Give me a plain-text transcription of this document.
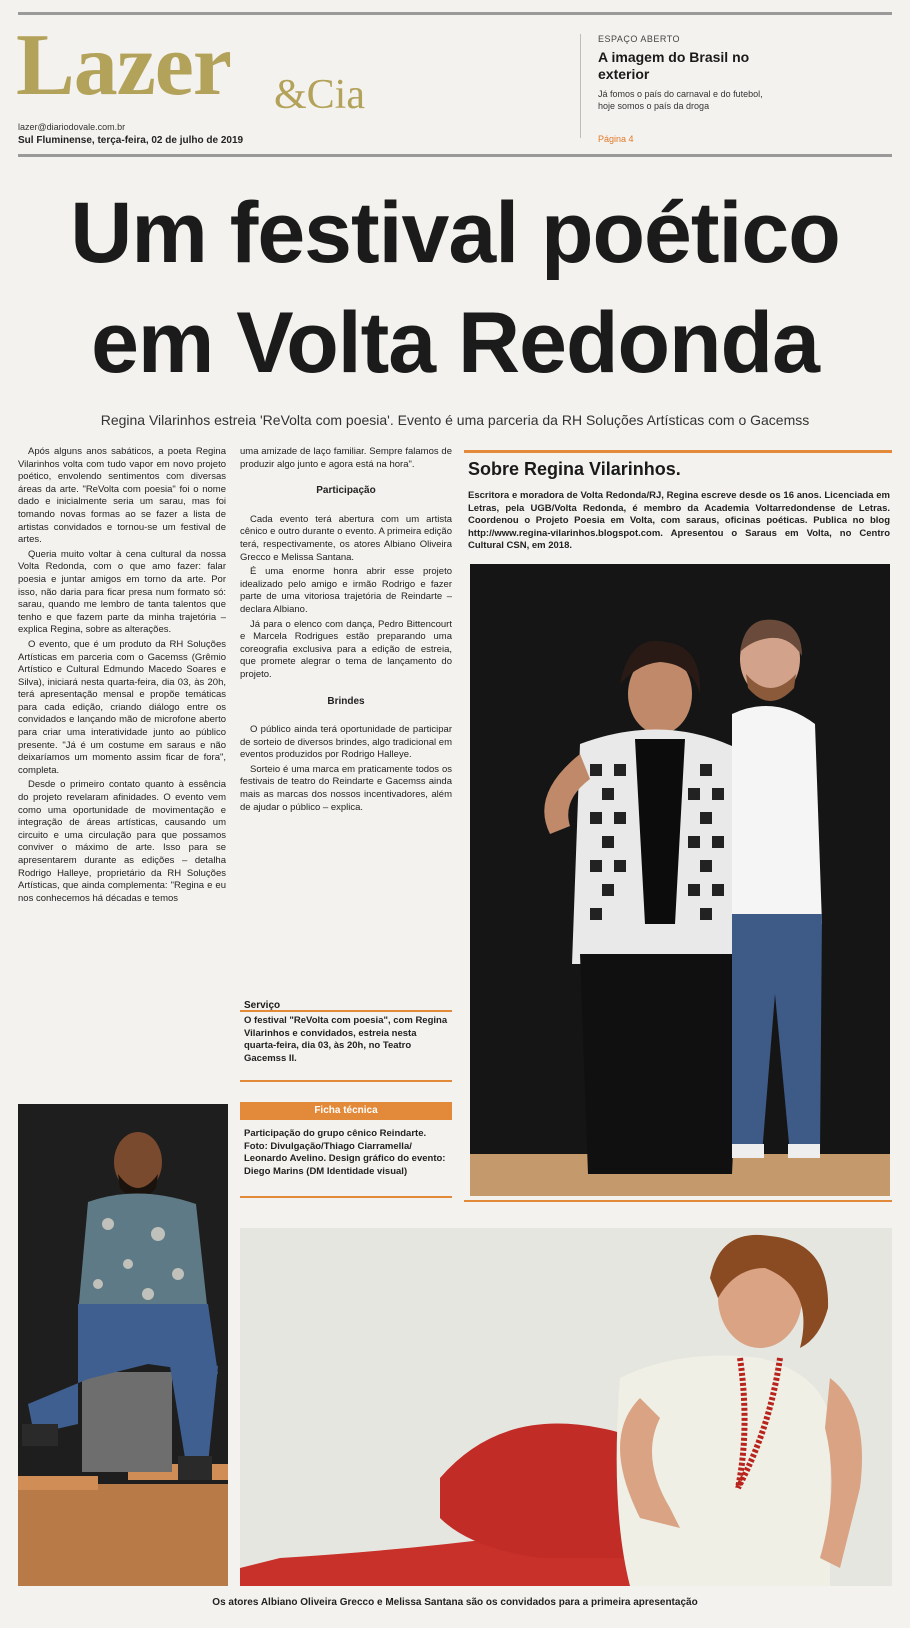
Lazer &Cia
lazer@diariodovale.com.br
Sul Fluminense, terça-feira, 02 de julho de 2019
ESPAÇO ABERTO
A imagem do Brasil no exterior
Já fomos o país do carnaval e do futebol, hoje somos o país da droga
Página 4
Um festival poético
em Volta Redonda
Regina Vilarinhos estreia 'ReVolta com poesia'. Evento é uma parceria da RH Soluções Artísticas com o Gacemss

Após alguns anos sabáticos, a poeta Regina Vilarinhos volta com tudo vapor em novo projeto poético, envolendo sentimentos com diversas áreas da arte. "ReVolta com poesia" foi o nome dado e inicialmente seria um sarau, mas foi tomando novas formas ao se fazer a lista de artistas convidados e tornou-se um festival de artes.

Queria muito voltar à cena cultural da nossa Volta Redonda, com o que amo fazer: falar poesia e juntar amigos em torno da arte. Por isso, não daria para ficar presa num formato só: sarau, quando me lembro de tanta talentos que tenho e que fazem parte da minha trajetória – explica Regina, sobre as alterações.

O evento, que é um produto da RH Soluções Artísticas em parceria com o Gacemss (Grêmio Artístico e Cultural Edmundo Macedo Soares e Silva), iniciará nesta quarta-feira, dia 03, às 20h, terá apresentação mensal e propõe temáticas para cada edição, criando diálogo entre os convidados e lançando mão de microfone aberto para criar uma interatividade junto ao público presente. "Já é um costume em saraus e não deixaríamos um momento assim ficar de fora", completa.

Desde o primeiro contato quanto à essência do projeto revelaram afinidades. O evento vem como uma oportunidade de movimentação e integração de áreas artísticas, causando um circuito e uma circulação para que possamos conviver o máximo de arte. Isso para se apresentarem durante as edições – detalha Rodrigo Halleye, proprietário da RH Soluções Artísticas, que ainda complementa: "Regina e eu nos conhecemos há décadas e temos

uma amizade de laço familiar. Sempre falamos de produzir algo junto e agora está na hora".

Participação

Cada evento terá abertura com um artista cênico e outro durante o evento. A primeira edição terá, respectivamente, os atores Albiano Oliveira Grecco e Melissa Santana.

É uma enorme honra abrir esse projeto idealizado pelo amigo e irmão Rodrigo e fazer parte de uma vitoriosa trajetória de Reindarte – declara Albiano.

Já para o elenco com dança, Pedro Bittencourt e Marcela Rodrigues estão preparando uma coreografia exclusiva para a edição de estreia, que promete alegrar o tema de lançamento do projeto.

Brindes

O público ainda terá oportunidade de participar de sorteio de diversos brindes, algo tradicional em eventos produzidos por Rodrigo Halleye.

Sorteio é uma marca em praticamente todos os festivais de teatro do Reindarte e Gacemss ainda mais as marcas dos nossos incentivadores, além de ajudar o público – explica.

Serviço
O festival "ReVolta com poesia", com Regina Vilarinhos e convidados, estreia nesta quarta-feira, dia 03, às 20h, no Teatro Gacemss II.
Ficha técnica
Participação do grupo cênico Reindarte. Foto: Divulgação/Thiago Ciarramella/ Leonardo Avelino. Design gráfico do evento: Diego Marins (DM Identidade visual)
Sobre Regina Vilarinhos.
Escritora e moradora de Volta Redonda/RJ, Regina escreve desde os 16 anos. Licenciada em Letras, pela UGB/Volta Redonda, é membro da Academia Voltarredondense de Letras. Coordenou o Projeto Poesia em Volta, com saraus, oficinas poéticas. Publica no blog http://www.regina-vilarinhos.blogspot.com. Apresentou o Saraus em Volta, no Centro Cultural CSN, em 2018.
Os atores Albiano Oliveira Grecco e Melissa Santana são os convidados para a primeira apresentação
